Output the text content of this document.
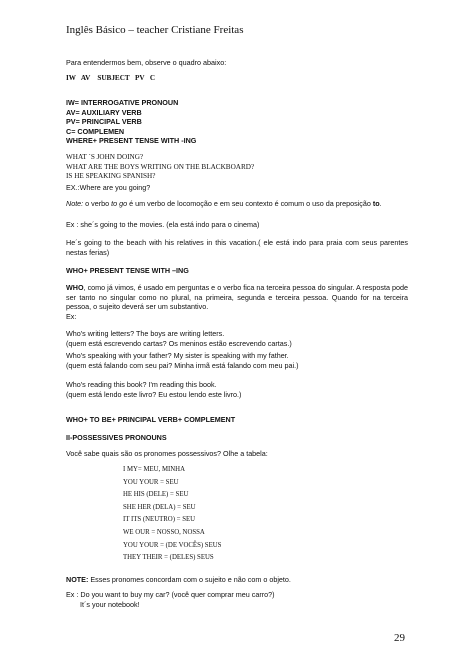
Inglês Básico – teacher Cristiane Freitas
Para entendermos bem, observe o quadro abaixo:
IW   AV    SUBJECT   PV   C
IW= INTERROGATIVE PRONOUN
AV= AUXILIARY VERB
PV= PRINCIPAL VERB
C= COMPLEMEN
WHERE+ PRESENT TENSE WITH -ING
WHAT ´S JOHN DOING?
WHAT ARE THE BOYS WRITING ON THE BLACKBOARD?
IS HE SPEAKING SPANISH?
EX.:Where are you going?
Note: o verbo to go é um verbo de locomoção e em seu contexto é comum o uso da preposição to.
Ex : she´s going to the movies. (ela está indo para o cinema)
He´s going to the beach with his relatives in this vacation.( ele está indo para praia com seus parentes nestas ferias)
WHO+ PRESENT TENSE WITH –ING
WHO, como já vimos, é usado em perguntas e o verbo fica na terceira pessoa do singular. A resposta pode ser tanto no singular como no plural, na primeira, segunda e terceira pessoa. Quando for na terceira pessoa, o sujeito deverá ser um substantivo.
Ex:
Who's writing letters? The boys are writing letters.
(quem está escrevendo cartas? Os meninos estão escrevendo cartas.)
Who's speaking with your father? My sister is speaking with my father.
(quem está falando com seu pai? Minha irmã está falando com meu pai.)
Who's reading this book? I'm reading this book.
(quem está lendo este livro? Eu estou lendo este livro.)
WHO+ TO BE+ PRINCIPAL VERB+ COMPLEMENT
II-POSSESSIVES PRONOUNS
Você sabe quais são os pronomes possessivos? Olhe a tabela:
I MY= MEU, MINHA
YOU YOUR = SEU
HE HIS (DELE) = SEU
SHE HER (DELA) = SEU
IT ITS (NEUTRO) = SEU
WE OUR = NOSSO, NOSSA
YOU YOUR = (DE VOCÊS) SEUS
THEY THEIR = (DELES) SEUS
NOTE: Esses pronomes concordam com o sujeito e não com o objeto.
Ex : Do you want to buy my car? (você quer comprar meu carro?)
It´s your notebook!
29
